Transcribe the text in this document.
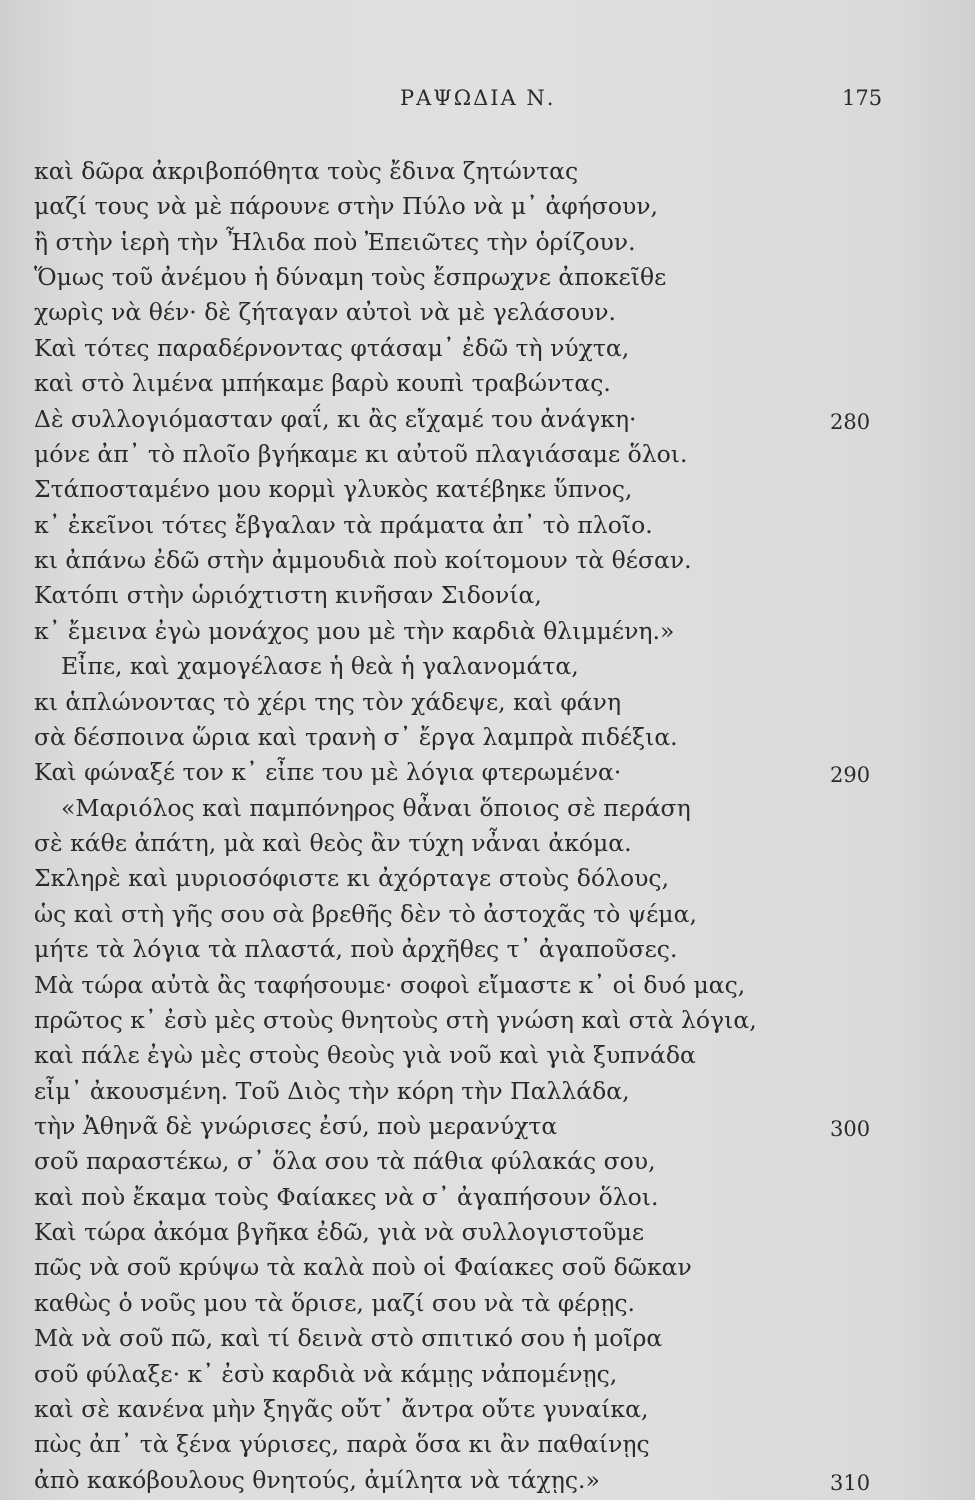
ΡΑΨΩΔΙΑ Ν.	175
καὶ δῶρα ἀκριβοπόθητα τοὺς ἔδινα ζητώντας
μαζί τους νὰ μὲ πάρουνε στὴν Πύλο νὰ μ᾽ ἀφήσουν,
ἢ στὴν ἱερὴ τὴν Ἦλιδα ποὺ Ἐπειῶτες τὴν ὁρίζουν.
Ὅμως τοῦ ἀνέμου ἡ δύναμη τοὺς ἔσπρωχνε ἀποκεῖθε
χωρὶς νὰ θέν· δὲ ζήταγαν αὐτοὶ νὰ μὲ γελάσουν.
Καὶ τότες παραδέρνοντας φτάσαμ᾽ ἐδῶ τὴ νύχτα,
καὶ στὸ λιμένα μπήκαμε βαρὺ κουπὶ τραβώντας.
Δὲ συλλογιόμασταν φαΐ, κι ἂς εἴχαμέ του ἀνάγκη·	280
μόνε ἀπ᾽ τὸ πλοῖο βγήκαμε κι αὐτοῦ πλαγιάσαμε ὅλοι.
Στάποσταμένο μου κορμὶ γλυκὸς κατέβηκε ὕπνος,
κ᾽ ἐκεῖνοι τότες ἔβγαλαν τὰ πράματα ἀπ᾽ τὸ πλοῖο.
κι ἀπάνω ἐδῶ στὴν ἀμμουδιὰ ποὺ κοίτομουν τὰ θέσαν.
Κατόπι στὴν ὡριόχτιστη κινῆσαν Σιδονία,
κ᾽ ἔμεινα ἐγὼ μονάχος μου μὲ τὴν καρδιὰ θλιμμένη.»
Εἶπε, καὶ χαμογέλασε ἡ θεὰ ἡ γαλανομάτα,
κι ἁπλώνοντας τὸ χέρι της τὸν χάδεψε, καὶ φάνη
σὰ δέσποινα ὥρια καὶ τρανὴ σ᾽ ἔργα λαμπρὰ πιδέξια.
Καὶ φώναξέ τον κ᾽ εἶπε του μὲ λόγια φτερωμένα·	290
«Μαριόλος καὶ παμπόνηρος θἆναι ὅποιος σὲ περάση
σὲ κάθε ἀπάτη, μὰ καὶ θεὸς ἂν τύχη νἆναι ἀκόμα.
Σκληρὲ καὶ μυριοσόφιστε κι ἀχόρταγε στοὺς δόλους,
ὡς καὶ στὴ γῆς σου σὰ βρεθῆς δὲν τὸ ἀστοχᾶς τὸ ψέμα,
μήτε τὰ λόγια τὰ πλαστά, ποὺ ἀρχῆθες τ᾽ ἀγαποῦσες.
Μὰ τώρα αὐτὰ ἂς ταφήσουμε· σοφοὶ εἴμαστε κ᾽ οἱ δυό μας,
πρῶτος κ᾽ ἐσὺ μὲς στοὺς θνητοὺς στὴ γνώση καὶ στὰ λόγια,
καὶ πάλε ἐγὼ μὲς στοὺς θεοὺς γιὰ νοῦ καὶ γιὰ ξυπνάδα
εἶμ᾽ ἀκουσμένη. Τοῦ Διὸς τὴν κόρη τὴν Παλλάδα,
τὴν Ἀθηνᾶ δὲ γνώρισες ἐσύ, ποὺ μερανύχτα	300
σοῦ παραστέκω, σ᾽ ὅλα σου τὰ πάθια φύλακάς σου,
καὶ ποὺ ἔκαμα τοὺς Φαίακες νὰ σ᾽ ἀγαπήσουν ὅλοι.
Καὶ τώρα ἀκόμα βγῆκα ἐδῶ, γιὰ νὰ συλλογιστοῦμε
πῶς νὰ σοῦ κρύψω τὰ καλὰ ποὺ οἱ Φαίακες σοῦ δῶκαν
καθὼς ὁ νοῦς μου τὰ ὅρισε, μαζί σου νὰ τὰ φέρῃς.
Μὰ νὰ σοῦ πῶ, καὶ τί δεινὰ στὸ σπιτικό σου ἡ μοῖρα
σοῦ φύλαξε· κ᾽ ἐσὺ καρδιὰ νὰ κάμῃς νἀπομένῃς,
καὶ σὲ κανένα μὴν ξηγᾶς οὔτ᾽ ἄντρα οὔτε γυναίκα,
πὼς ἀπ᾽ τὰ ξένα γύρισες, παρὰ ὅσα κι ἂν παθαίνῃς
ἀπὸ κακόβουλους θνητούς, ἀμίλητα νὰ τάχῃς.»	310
